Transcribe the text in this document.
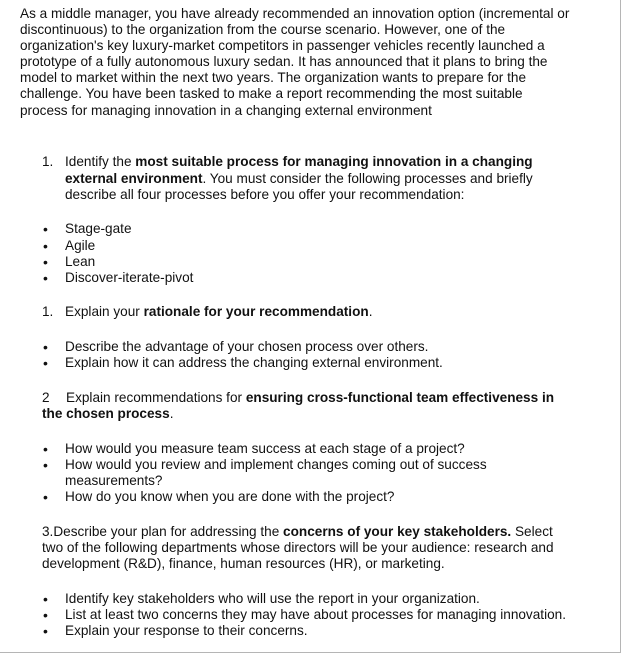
As a middle manager, you have already recommended an innovation option (incremental or
discontinuous) to the organization from the course scenario. However, one of the
organization's key luxury-market competitors in passenger vehicles recently launched a
prototype of a fully autonomous luxury sedan. It has announced that it plans to bring the
model to market within the next two years. The organization wants to prepare for the
challenge. You have been tasked to make a report recommending the most suitable
process for managing innovation in a changing external environment
1. Identify the most suitable process for managing innovation in a changing
external environment. You must consider the following processes and briefly
describe all four processes before you offer your recommendation:
• Stage-gate
• Agile
• Lean
• Discover-iterate-pivot
1. Explain your rationale for your recommendation.
• Describe the advantage of your chosen process over others.
• Explain how it can address the changing external environment.
2 Explain recommendations for ensuring cross-functional team effectiveness in
the chosen process.
• How would you measure team success at each stage of a project?
• How would you review and implement changes coming out of success
measurements?
• How do you know when you are done with the project?
3.Describe your plan for addressing the concerns of your key stakeholders. Select
two of the following departments whose directors will be your audience: research and
development (R&D), finance, human resources (HR), or marketing.
• Identify key stakeholders who will use the report in your organization.
• List at least two concerns they may have about processes for managing innovation.
• Explain your response to their concerns.
